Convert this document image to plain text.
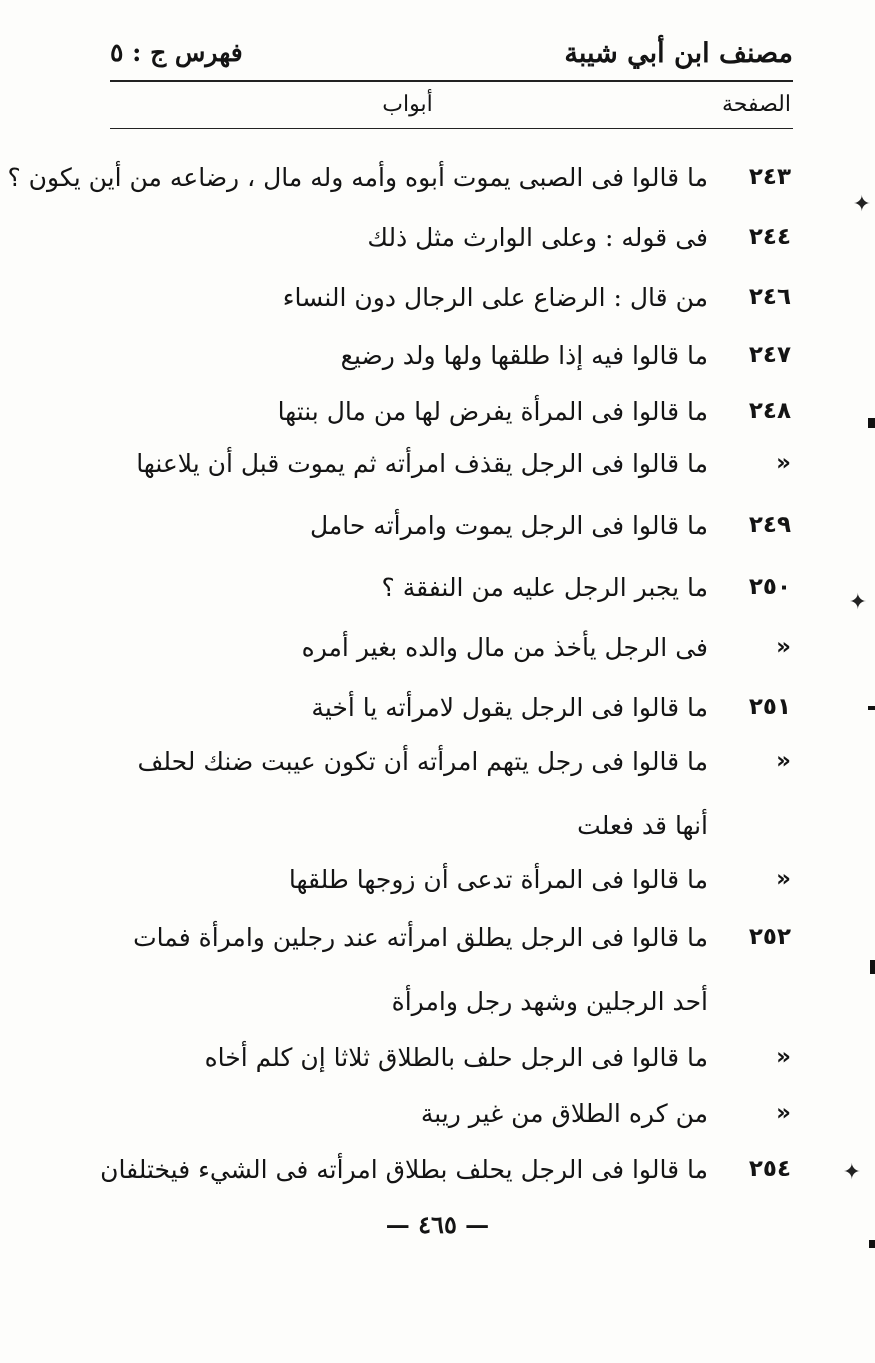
مصنف ابن أبي شيبة
فهرس ج : ٥
الصفحة
أبواب
٢٤٣
ما قالوا فى الصبى يموت أبوه وأمه وله مال ، رضاعه من أين يكون ؟
٢٤٤
فى قوله : وعلى الوارث مثل ذلك
٢٤٦
من قال : الرضاع على الرجال دون النساء
٢٤٧
ما قالوا فيه إذا طلقها ولها ولد رضيع
٢٤٨
ما قالوا فى المرأة يفرض لها من مال بنتها
«
ما قالوا فى الرجل يقذف امرأته ثم يموت قبل أن يلاعنها
٢٤٩
ما قالوا فى الرجل يموت وامرأته حامل
٢٥٠
ما يجبر الرجل عليه من النفقة ؟
«
فى الرجل يأخذ من مال والده بغير أمره
٢٥١
ما قالوا فى الرجل يقول لامرأته يا أخية
«
ما قالوا فى رجل يتهم امرأته أن تكون عيبت ضنك لحلف أنها قد فعلت
«
ما قالوا فى المرأة تدعى أن زوجها طلقها
٢٥٢
ما قالوا فى الرجل يطلق امرأته عند رجلين وامرأة فمات أحد الرجلين وشهد رجل وامرأة
«
ما قالوا فى الرجل حلف بالطلاق ثلاثا إن كلم أخاه
«
من كره الطلاق من غير ريبة
٢٥٤
ما قالوا فى الرجل يحلف بطلاق امرأته فى الشيء فيختلفان
— ٤٦٥ —
✦
✦
✦
